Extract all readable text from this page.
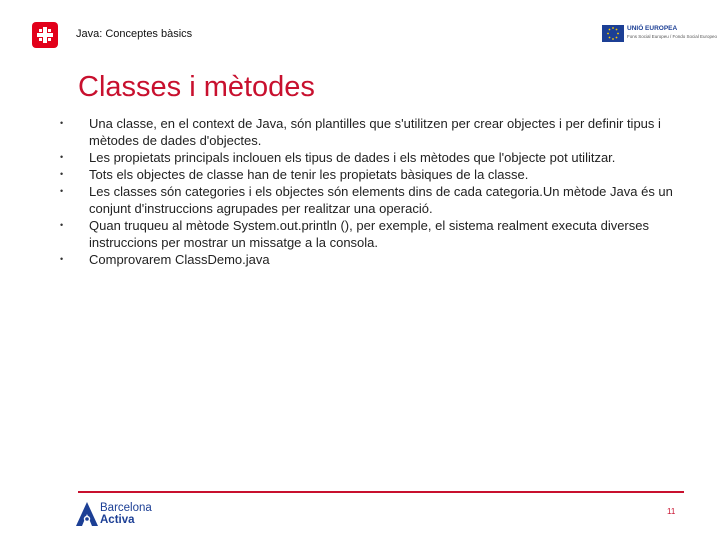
Java: Conceptes bàsics	UNIÓ EUROPEA
Fons Social Europeu / Fondo Social Europeo
Classes i mètodes
• Una classe, en el context de Java, són plantilles que s'utilitzen per crear objectes i per definir tipus i mètodes de dades d'objectes.
• Les propietats principals inclouen els tipus de dades i els mètodes que l'objecte pot utilitzar.
• Tots els objectes de classe han de tenir les propietats bàsiques de la classe.
• Les classes són categories i els objectes són elements dins de cada categoria.Un mètode Java és un conjunt d'instruccions agrupades per realitzar una operació.
• Quan truqueu al mètode System.out.println (), per exemple, el sistema realment executa diverses instruccions per mostrar un missatge a la consola.
• Comprovarem ClassDemo.java
Barcelona
Activa
11
